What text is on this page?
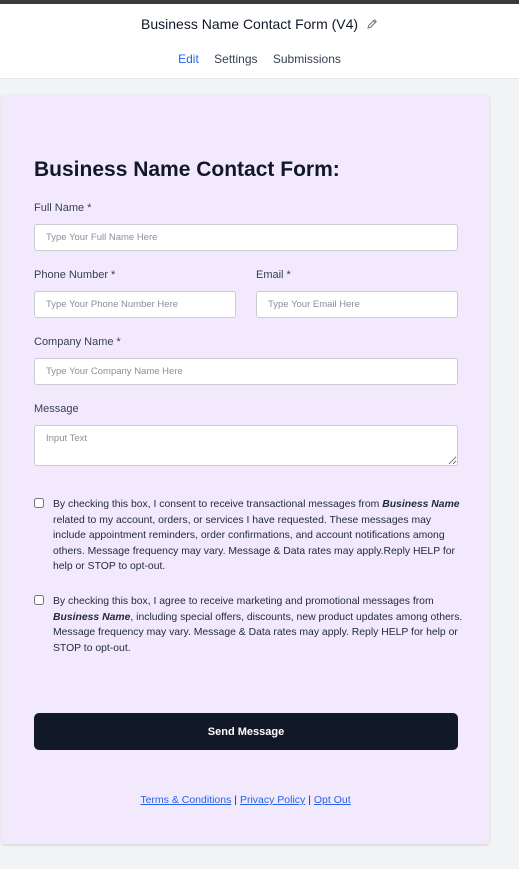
Business Name Contact Form (V4)
Edit Settings Submissions
Business Name Contact Form:
Full Name *
Type Your Full Name Here
Phone Number *
Type Your Phone Number Here	Email *
Type Your Email Here
Company Name *
Type Your Company Name Here
Message
Input Text
By checking this box, I consent to receive transactional messages from Business Name related to my account, orders, or services I have requested. These messages may include appointment reminders, order confirmations, and account notifications among others. Message frequency may vary. Message & Data rates may apply.Reply HELP for help or STOP to opt-out.
By checking this box, I agree to receive marketing and promotional messages from Business Name, including special offers, discounts, new product updates among others. Message frequency may vary. Message & Data rates may apply. Reply HELP for help or STOP to opt-out.
Send Message
Terms & Conditions | Privacy Policy | Opt Out
